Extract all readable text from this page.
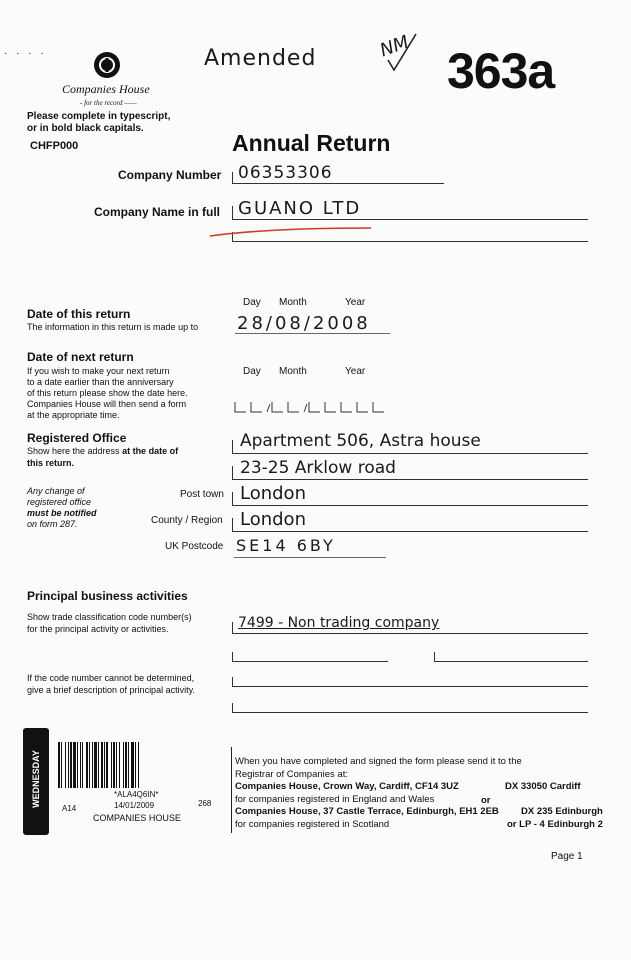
· · · ·
Companies House
- for the record ——
Please complete in typescript,
or in bold black capitals.
CHFP000
Amended	NM 363a
Annual Return
Company Number 06353306
Company Name in full GUANO LTD
Day Month	Year
Date of this return
The information in this return is made up to 28/08/2008
Date of next return
If you wish to make your next return
to a date earlier than the anniversary
of this return please show the date here.
Companies House will then send a form
at the appropriate time.
Day Month	Year
Registered Office
Show here the address at the date of
this return.
Any change of
registered office
must be notified
on form 287.
Apartment 506, Astra house
23-25 Arklow road
Post town London
County / Region London
UK Postcode SE14 6BY
Principal business activities
Show trade classification code number(s)
for the principal activity or activities.	7499 - Non trading company
If the code number cannot be determined,
give a brief description of principal activity.
WEDNESDAY	*ALA4Q6IN*
A14	14/01/2009	268
COMPANIES HOUSE
When you have completed and signed the form please send it to the
Registrar of Companies at:
Companies House, Crown Way, Cardiff, CF14 3UZ	DX 33050 Cardiff
for companies registered in England and Wales	or
Companies House, 37 Castle Terrace, Edinburgh, EH1 2EB DX 235 Edinburgh
for companies registered in Scotland	or LP - 4 Edinburgh 2
Page 1
